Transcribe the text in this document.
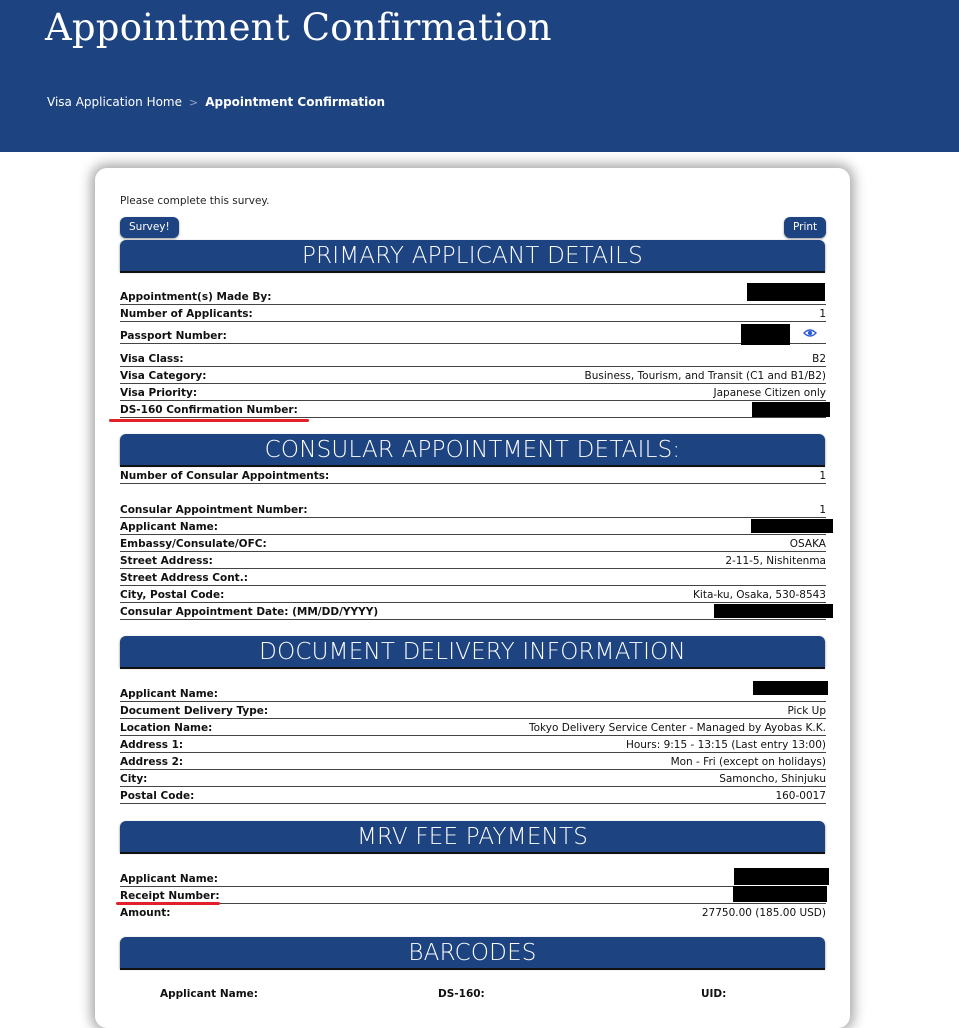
Appointment Confirmation
Visa Application Home > Appointment Confirmation
Please complete this survey.
Survey!	Print
PRIMARY APPLICANT DETAILS
Appointment(s) Made By:
Number of Applicants:	1
Passport Number:
Visa Class:	B2
Visa Category:	Business, Tourism, and Transit (C1 and B1/B2)
Visa Priority:	Japanese Citizen only
DS-160 Confirmation Number:
CONSULAR APPOINTMENT DETAILS:
Number of Consular Appointments:	1
Consular Appointment Number:	1
Applicant Name:
Embassy/Consulate/OFC:	OSAKA
Street Address:	2-11-5, Nishitenma
Street Address Cont.:
City, Postal Code:	Kita-ku, Osaka, 530-8543
Consular Appointment Date: (MM/DD/YYYY)
DOCUMENT DELIVERY INFORMATION
Applicant Name:
Document Delivery Type:	Pick Up
Location Name:	Tokyo Delivery Service Center - Managed by Ayobas K.K.
Address 1:	Hours: 9:15 - 13:15 (Last entry 13:00)
Address 2:	Mon - Fri (except on holidays)
City:	Samoncho, Shinjuku
Postal Code:	160-0017
MRV FEE PAYMENTS
Applicant Name:
Receipt Number:
Amount:	27750.00 (185.00 USD)
BARCODES
Applicant Name:	DS-160:	UID:
